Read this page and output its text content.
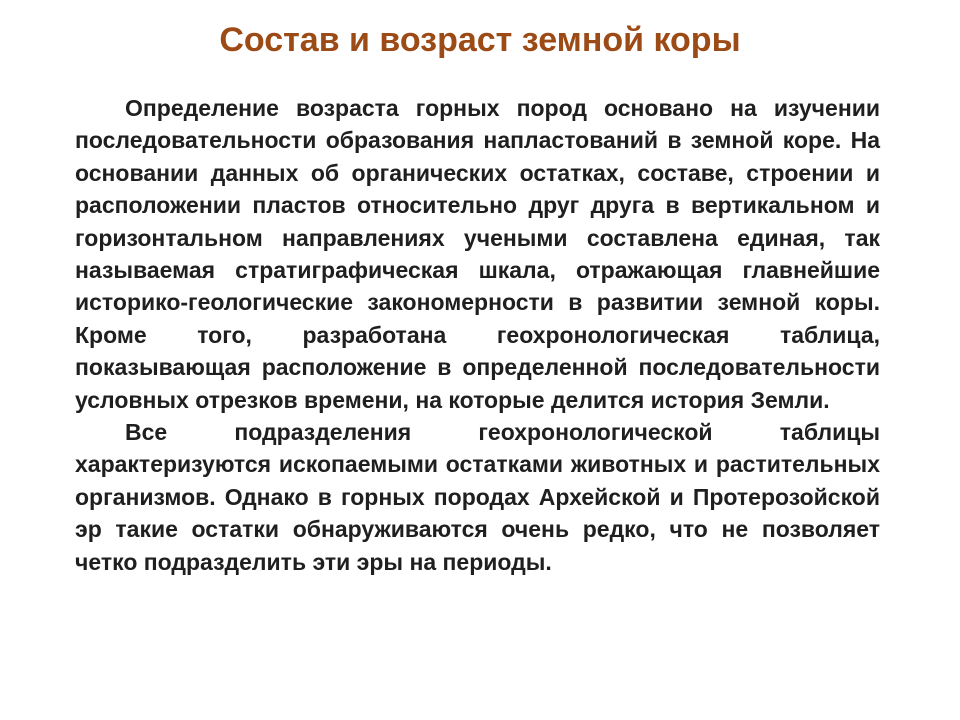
Состав и возраст земной коры

Определение возраста горных пород основано на изучении последовательности образования напластований в земной коре. На основании данных об органических остатках, составе, строении и расположении пластов относительно друг друга в вертикальном и горизонтальном направлениях учеными составлена единая, так называемая стратиграфическая шкала, отражающая главнейшие историко-геологические закономерности в развитии земной коры. Кроме того, разработана геохронологическая таблица, показывающая расположение в определенной последовательности условных отрезков времени, на которые делится история Земли.

Все подразделения геохронологической таблицы характеризуются ископаемыми остатками животных и растительных организмов. Однако в горных породах Архейской и Протерозойской эр такие остатки обнаруживаются очень редко, что не позволяет четко подразделить эти эры на периоды.
